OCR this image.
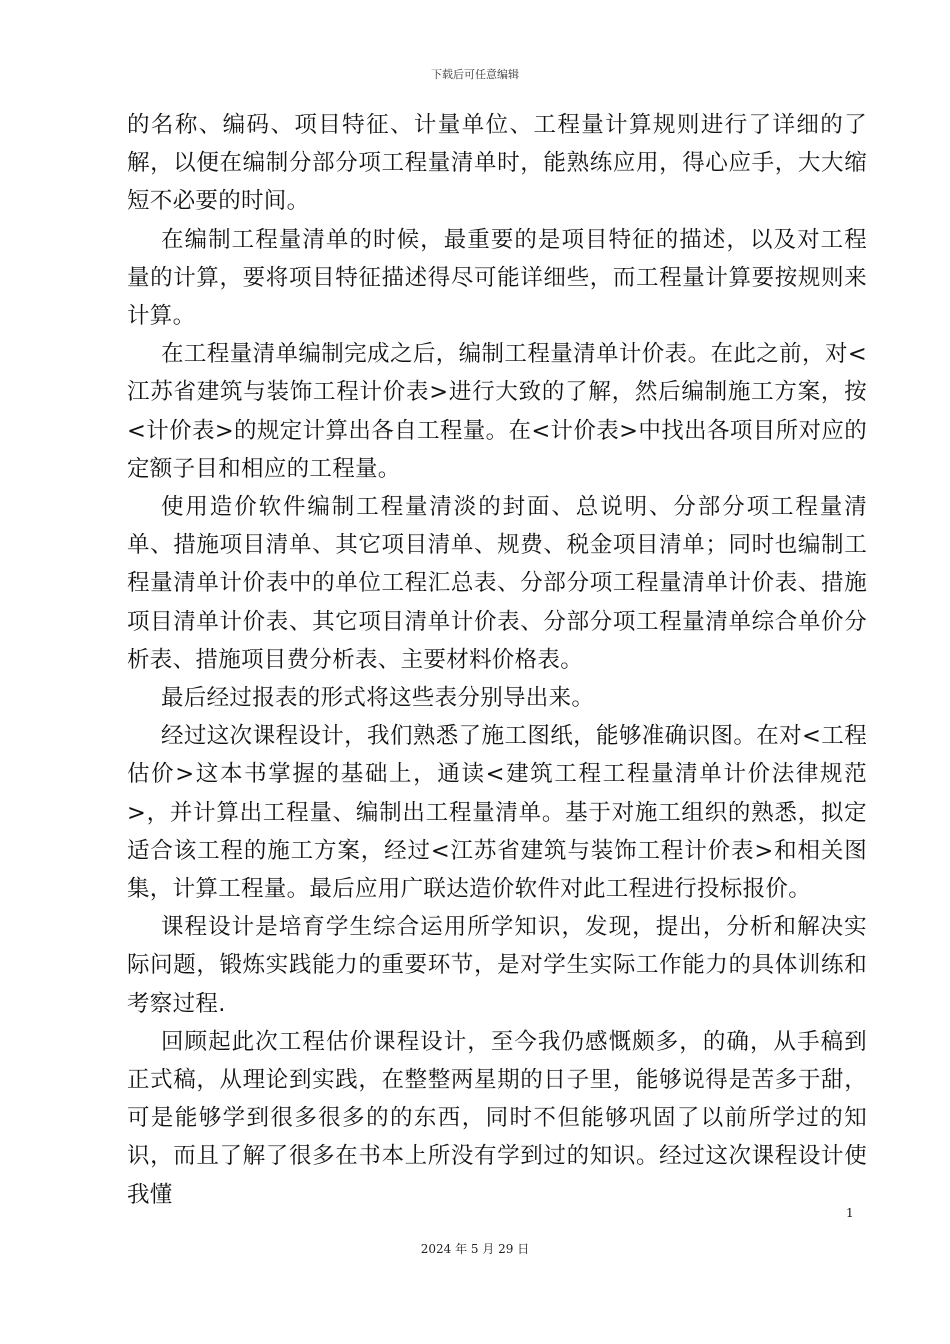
下载后可任意编辑

的名称、编码、项目特征、计量单位、工程量计算规则进行了详细的了解，以便在编制分部分项工程量清单时，能熟练应用，得心应手，大大缩短不必要的时间。

在编制工程量清单的时候，最重要的是项目特征的描述，以及对工程量的计算，要将项目特征描述得尽可能详细些，而工程量计算要按规则来计算。

在工程量清单编制完成之后，编制工程量清单计价表。在此之前，对<江苏省建筑与装饰工程计价表>进行大致的了解，然后编制施工方案，按<计价表>的规定计算出各自工程量。在<计价表>中找出各项目所对应的定额子目和相应的工程量。

使用造价软件编制工程量清淡的封面、总说明、分部分项工程量清单、措施项目清单、其它项目清单、规费、税金项目清单；同时也编制工程量清单计价表中的单位工程汇总表、分部分项工程量清单计价表、措施项目清单计价表、其它项目清单计价表、分部分项工程量清单综合单价分析表、措施项目费分析表、主要材料价格表。

最后经过报表的形式将这些表分别导出来。

经过这次课程设计，我们熟悉了施工图纸，能够准确识图。在对<工程估价>这本书掌握的基础上，通读<建筑工程工程量清单计价法律规范>，并计算出工程量、编制出工程量清单。基于对施工组织的熟悉，拟定适合该工程的施工方案，经过<江苏省建筑与装饰工程计价表>和相关图集，计算工程量。最后应用广联达造价软件对此工程进行投标报价。

课程设计是培育学生综合运用所学知识，发现，提出，分析和解决实际问题，锻炼实践能力的重要环节，是对学生实际工作能力的具体训练和考察过程.

回顾起此次工程估价课程设计，至今我仍感慨颇多，的确，从手稿到正式稿，从理论到实践，在整整两星期的日子里，能够说得是苦多于甜，可是能够学到很多很多的的东西，同时不但能够巩固了以前所学过的知识，而且了解了很多在书本上所没有学到过的知识。经过这次课程设计使我懂

1
2024 年 5 月 29 日
